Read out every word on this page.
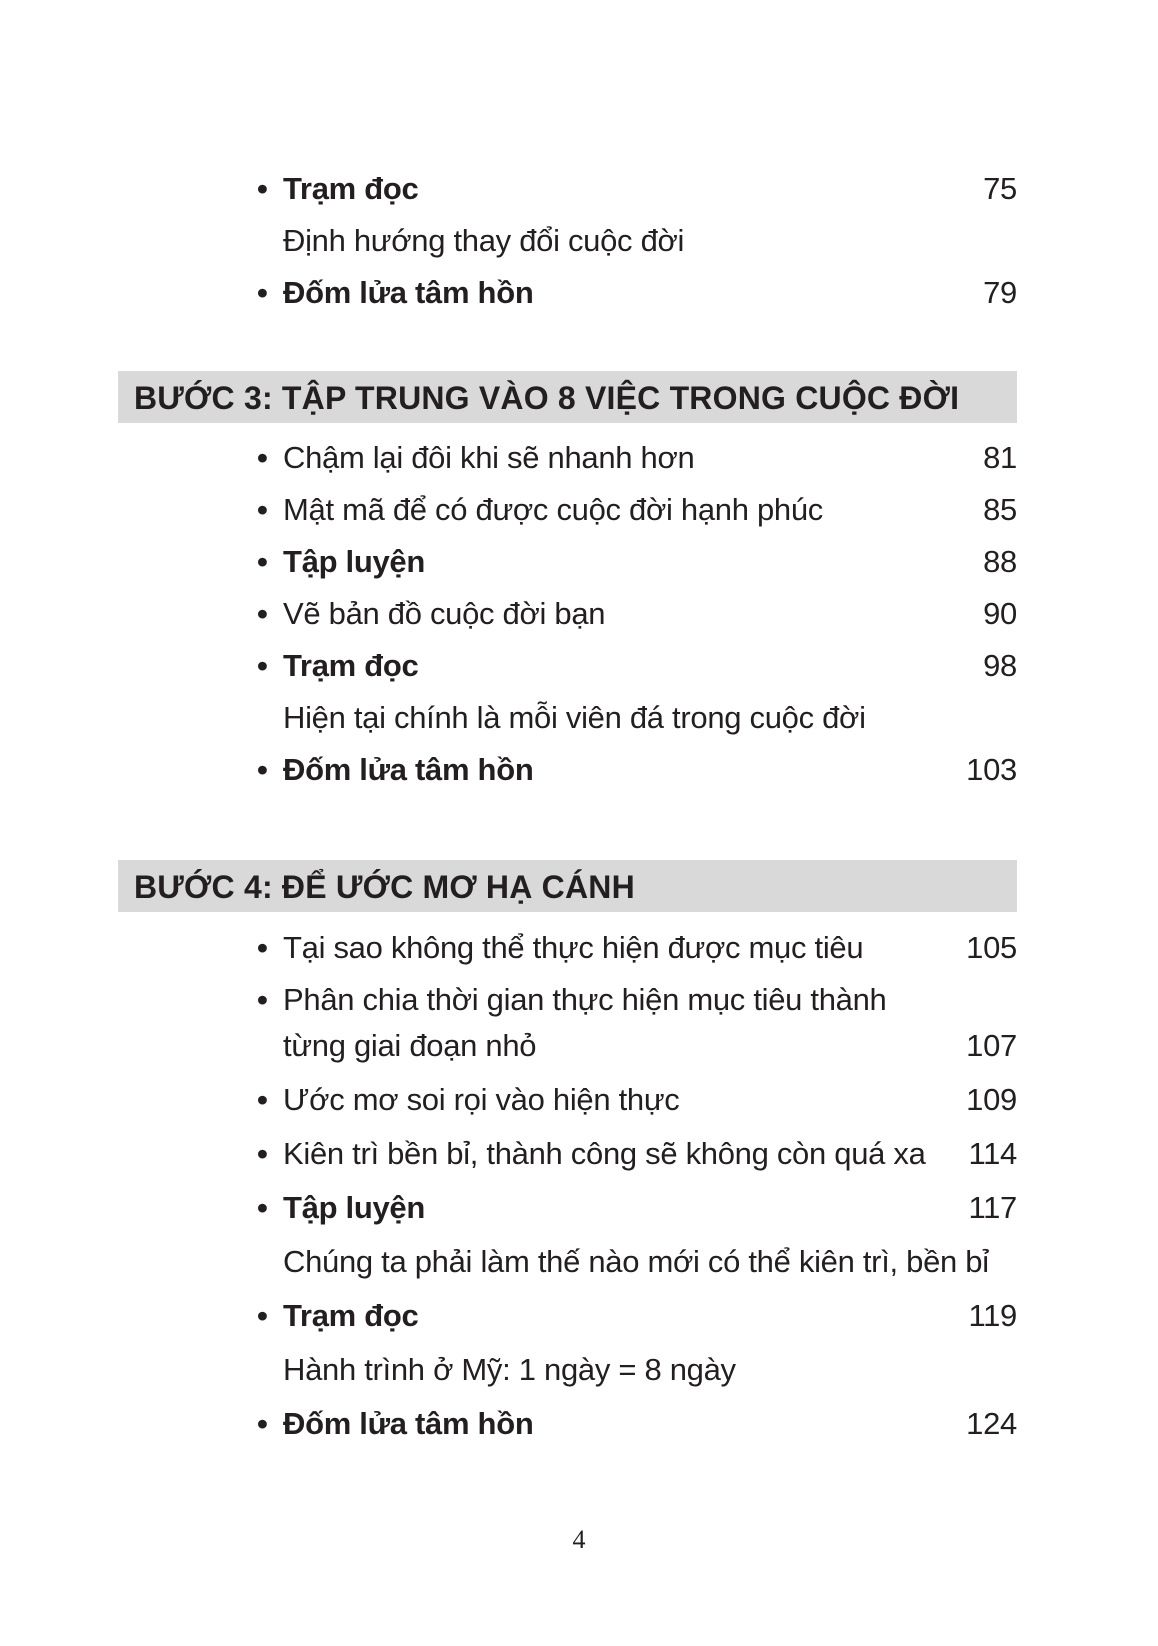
• Trạm đọc	75
Định hướng thay đổi cuộc đời
• Đốm lửa tâm hồn	79
BƯỚC 3: TẬP TRUNG VÀO 8 VIỆC TRONG CUỘC ĐỜI
• Chậm lại đôi khi sẽ nhanh hơn	81
• Mật mã để có được cuộc đời hạnh phúc	85
• Tập luyện	88
• Vẽ bản đồ cuộc đời bạn	90
• Trạm đọc	98
Hiện tại chính là mỗi viên đá trong cuộc đời
• Đốm lửa tâm hồn	103
BƯỚC 4: ĐỂ ƯỚC MƠ HẠ CÁNH
• Tại sao không thể thực hiện được mục tiêu	105
• Phân chia thời gian thực hiện mục tiêu thành
từng giai đoạn nhỏ	107
• Ước mơ soi rọi vào hiện thực	109
• Kiên trì bền bỉ, thành công sẽ không còn quá xa 114
• Tập luyện	117
Chúng ta phải làm thế nào mới có thể kiên trì, bền bỉ
• Trạm đọc	119
Hành trình ở Mỹ: 1 ngày = 8 ngày
• Đốm lửa tâm hồn	124
4
